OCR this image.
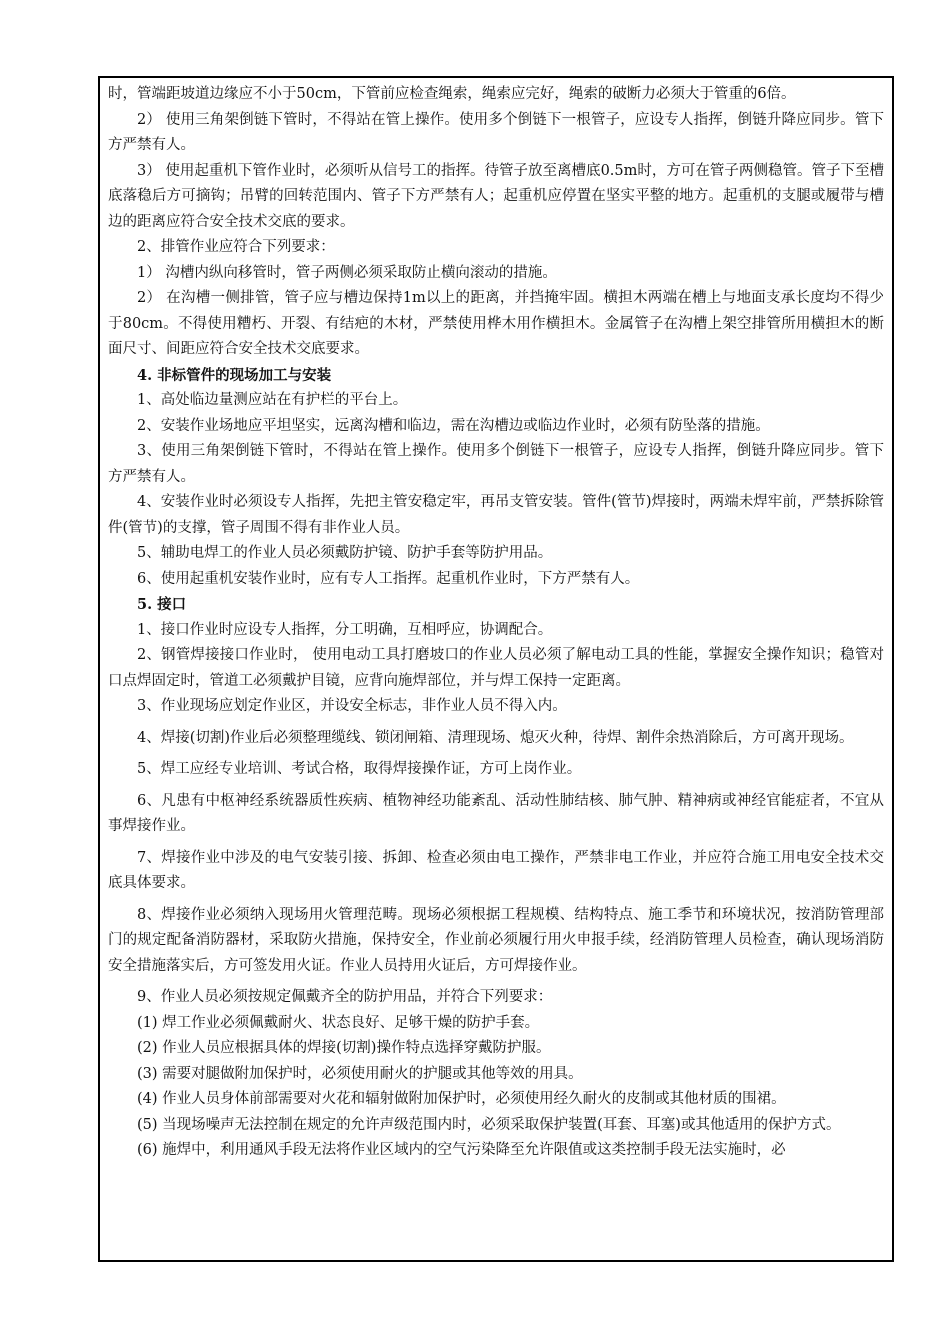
时，管端距坡道边缘应不小于50cm，下管前应检查绳索，绳索应完好，绳索的破断力必须大于管重的6倍。

2） 使用三角架倒链下管时，不得站在管上操作。使用多个倒链下一根管子，应设专人指挥，倒链升降应同步。管下方严禁有人。

3） 使用起重机下管作业时，必须听从信号工的指挥。待管子放至离槽底0.5m时，方可在管子两侧稳管。管子下至槽底落稳后方可摘钩；吊臂的回转范围内、管子下方严禁有人；起重机应停置在坚实平整的地方。起重机的支腿或履带与槽边的距离应符合安全技术交底的要求。

2、排管作业应符合下列要求：

1） 沟槽内纵向移管时，管子两侧必须采取防止横向滚动的措施。

2） 在沟槽一侧排管，管子应与槽边保持1m以上的距离，并挡掩牢固。横担木两端在槽上与地面支承长度均不得少于80cm。不得使用糟朽、开裂、有结疤的木材，严禁使用桦木用作横担木。金属管子在沟槽上架空排管所用横担木的断面尺寸、间距应符合安全技术交底要求。

4. 非标管件的现场加工与安装

1、高处临边量测应站在有护栏的平台上。

2、安装作业场地应平坦坚实，远离沟槽和临边，需在沟槽边或临边作业时，必须有防坠落的措施。

3、使用三角架倒链下管时，不得站在管上操作。使用多个倒链下一根管子，应设专人指挥，倒链升降应同步。管下方严禁有人。

4、安装作业时必须设专人指挥，先把主管安稳定牢，再吊支管安装。管件(管节)焊接时，两端未焊牢前，严禁拆除管件(管节)的支撑，管子周围不得有非作业人员。

5、辅助电焊工的作业人员必须戴防护镜、防护手套等防护用品。

6、使用起重机安装作业时，应有专人工指挥。起重机作业时，下方严禁有人。

5. 接口

1、接口作业时应设专人指挥，分工明确，互相呼应，协调配合。

2、钢管焊接接口作业时， 使用电动工具打磨坡口的作业人员必须了解电动工具的性能，掌握安全操作知识；稳管对口点焊固定时，管道工必须戴护目镜，应背向施焊部位，并与焊工保持一定距离。

3、作业现场应划定作业区，并设安全标志，非作业人员不得入内。

4、焊接(切割)作业后必须整理缆线、锁闭闸箱、清理现场、熄灭火种，待焊、割件余热消除后，方可离开现场。

5、焊工应经专业培训、考试合格，取得焊接操作证，方可上岗作业。

6、凡患有中枢神经系统器质性疾病、植物神经功能紊乱、活动性肺结核、肺气肿、精神病或神经官能症者，不宜从事焊接作业。

7、焊接作业中涉及的电气安装引接、拆卸、检查必须由电工操作，严禁非电工作业，并应符合施工用电安全技术交底具体要求。

8、焊接作业必须纳入现场用火管理范畴。现场必须根据工程规模、结构特点、施工季节和环境状况，按消防管理部门的规定配备消防器材，采取防火措施，保持安全，作业前必须履行用火申报手续，经消防管理人员检查，确认现场消防安全措施落实后，方可签发用火证。作业人员持用火证后，方可焊接作业。

9、作业人员必须按规定佩戴齐全的防护用品，并符合下列要求：

(1) 焊工作业必须佩戴耐火、状态良好、足够干燥的防护手套。

(2) 作业人员应根据具体的焊接(切割)操作特点选择穿戴防护服。

(3) 需要对腿做附加保护时，必须使用耐火的护腿或其他等效的用具。

(4) 作业人员身体前部需要对火花和辐射做附加保护时，必须使用经久耐火的皮制或其他材质的围裙。

(5) 当现场噪声无法控制在规定的允许声级范围内时，必须采取保护装置(耳套、耳塞)或其他适用的保护方式。

(6) 施焊中，利用通风手段无法将作业区域内的空气污染降至允许限值或这类控制手段无法实施时，必
